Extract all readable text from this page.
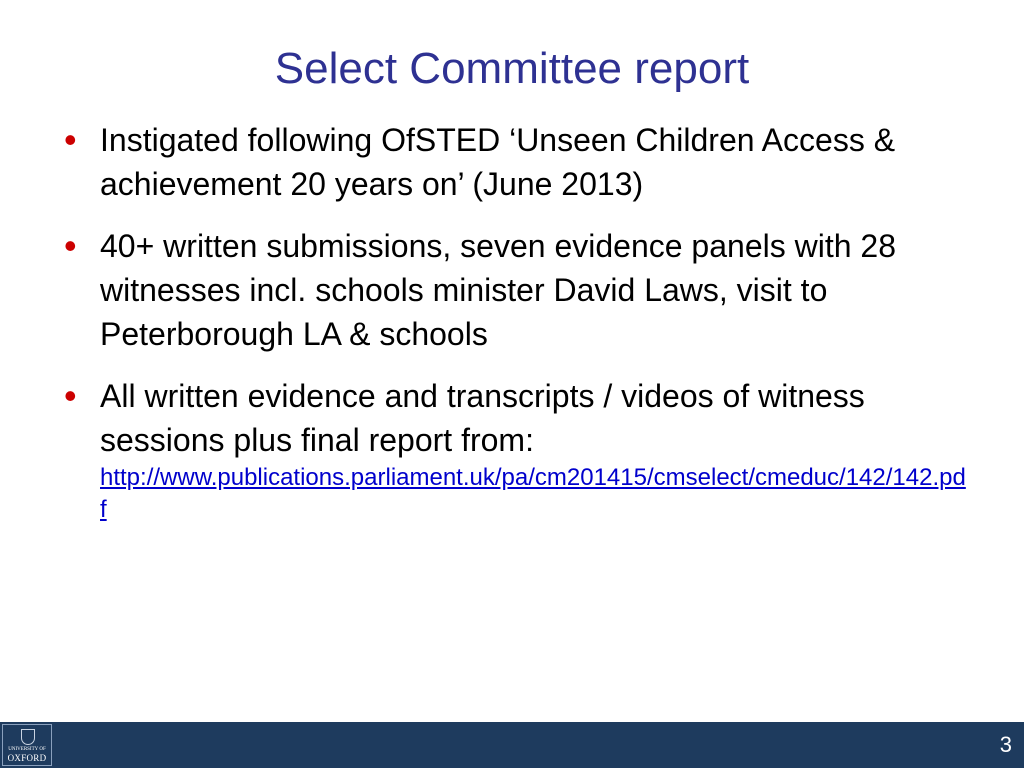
Select Committee report
• Instigated following OfSTED ‘Unseen Children Access & achievement 20 years on’ (June 2013)
• 40+ written submissions, seven evidence panels with 28 witnesses incl. schools minister David Laws, visit to Peterborough LA & schools
• All written evidence and transcripts / videos of witness sessions plus final report from:
http://www.publications.parliament.uk/pa/cm201415/cmselect/cmeduc/142/142.pdf
UNIVERSITY OF
OXFORD
3
